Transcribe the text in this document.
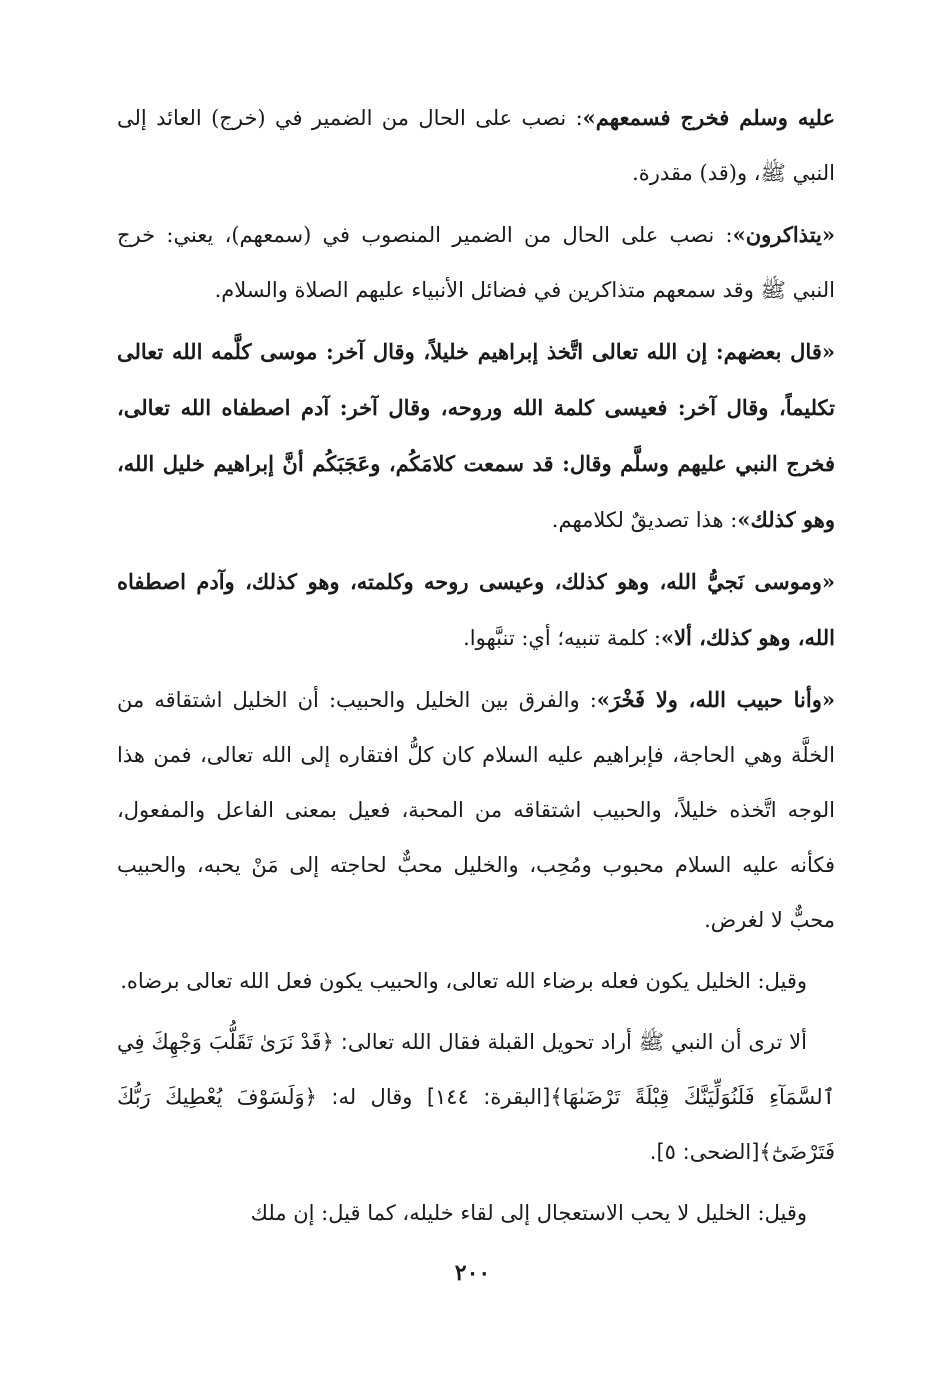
عليه وسلم فخرج فسمعهم»: نصب على الحال من الضمير في (خرج) العائد إلى النبي ﷺ، و(قد) مقدرة.

«يتذاكرون»: نصب على الحال من الضمير المنصوب في (سمعهم)، يعني: خرج النبي ﷺ وقد سمعهم متذاكرين في فضائل الأنبياء عليهم الصلاة والسلام.

«قال بعضهم: إن الله تعالى اتَّخذ إبراهيم خليلاً، وقال آخر: موسى كلَّمه الله تعالى تكليماً، وقال آخر: فعيسى كلمة الله وروحه، وقال آخر: آدم اصطفاه الله تعالى، فخرج النبي عليهم وسلَّم وقال: قد سمعت كلامَكُم، وعَجَبَكُم أنَّ إبراهيم خليل الله، وهو كذلك»: هذا تصديقٌ لكلامهم.

«وموسى نَجيُّ الله، وهو كذلك، وعيسى روحه وكلمته، وهو كذلك، وآدم اصطفاه الله، وهو كذلك، ألا»: كلمة تنبيه؛ أي: تنبَّهوا.

«وأنا حبيب الله، ولا فَخْرَ»: والفرق بين الخليل والحبيب: أن الخليل اشتقاقه من الخلَّة وهي الحاجة، فإبراهيم عليه السلام كان كلُّ افتقاره إلى الله تعالى، فمن هذا الوجه اتَّخذه خليلاً، والحبيب اشتقاقه من المحبة، فعيل بمعنى الفاعل والمفعول، فكأنه عليه السلام محبوب ومُحِب، والخليل محبٌّ لحاجته إلى مَنْ يحبه، والحبيب محبٌّ لا لغرض.

وقيل: الخليل يكون فعله برضاء الله تعالى، والحبيب يكون فعل الله تعالى برضاه.

ألا ترى أن النبي ﷺ أراد تحويل القبلة فقال الله تعالى: ﴿قَدْ نَرَىٰ تَقَلُّبَ وَجْهِكَ فِي ٱلسَّمَآءِ فَلَنُوَلِّيَنَّكَ قِبْلَةً تَرْضَىٰهَا﴾[البقرة: ١٤٤] وقال له: ﴿وَلَسَوْفَ يُعْطِيكَ رَبُّكَ فَتَرْضَىٰٓ﴾[الضحى: ٥].

وقيل: الخليل لا يحب الاستعجال إلى لقاء خليله، كما قيل: إن ملك

٢٠٠
